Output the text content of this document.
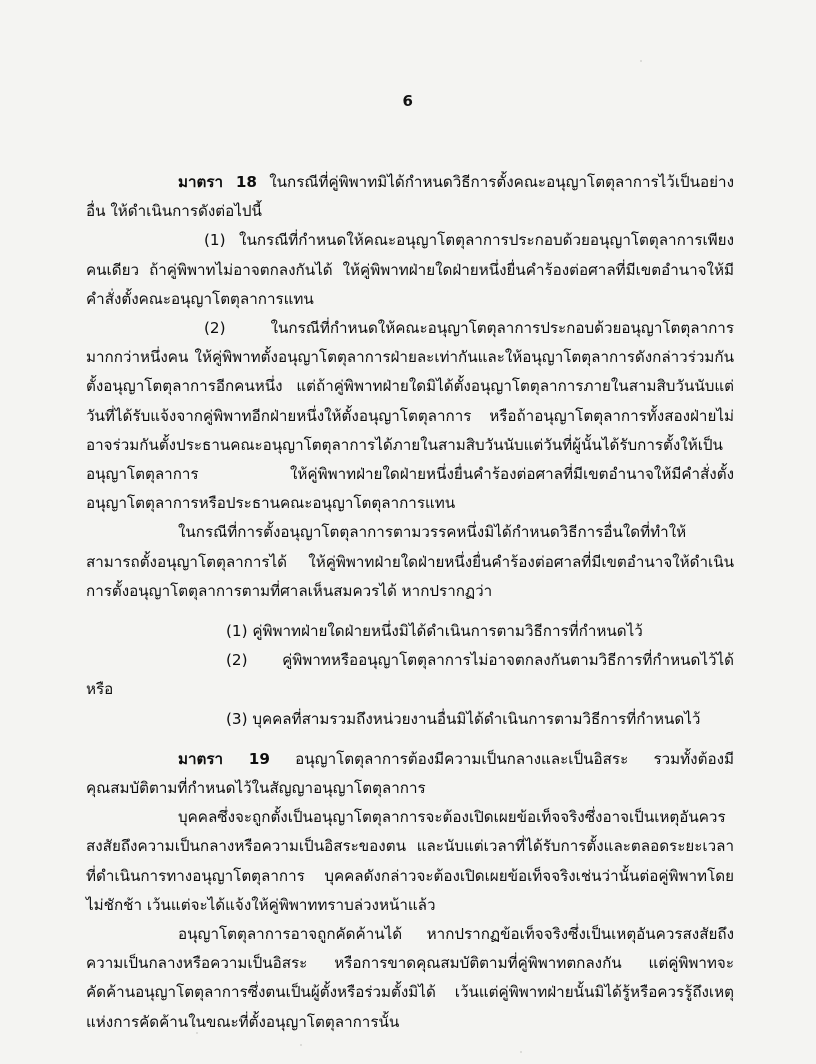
6

มาตรา 18 ในกรณีที่คู่พิพาทมิได้กำหนดวิธีการตั้งคณะอนุญาโตตุลาการไว้เป็นอย่างอื่น ให้ดำเนินการดังต่อไปนี้

(1) ในกรณีที่กำหนดให้คณะอนุญาโตตุลาการประกอบด้วยอนุญาโตตุลาการเพียงคนเดียว ถ้าคู่พิพาทไม่อาจตกลงกันได้ ให้คู่พิพาทฝ่ายใดฝ่ายหนึ่งยื่นคำร้องต่อศาลที่มีเขตอำนาจให้มีคำสั่งตั้งคณะอนุญาโตตุลาการแทน

(2) ในกรณีที่กำหนดให้คณะอนุญาโตตุลาการประกอบด้วยอนุญาโตตุลาการมากกว่าหนึ่งคน ให้คู่พิพาทตั้งอนุญาโตตุลาการฝ่ายละเท่ากันและให้อนุญาโตตุลาการดังกล่าวร่วมกันตั้งอนุญาโตตุลาการอีกคนหนึ่ง แต่ถ้าคู่พิพาทฝ่ายใดมิได้ตั้งอนุญาโตตุลาการภายในสามสิบวันนับแต่วันที่ได้รับแจ้งจากคู่พิพาทอีกฝ่ายหนึ่งให้ตั้งอนุญาโตตุลาการ หรือถ้าอนุญาโตตุลาการทั้งสองฝ่ายไม่อาจร่วมกันตั้งประธานคณะอนุญาโตตุลาการได้ภายในสามสิบวันนับแต่วันที่ผู้นั้นได้รับการตั้งให้เป็นอนุญาโตตุลาการ ให้คู่พิพาทฝ่ายใดฝ่ายหนึ่งยื่นคำร้องต่อศาลที่มีเขตอำนาจให้มีคำสั่งตั้งอนุญาโตตุลาการหรือประธานคณะอนุญาโตตุลาการแทน

ในกรณีที่การตั้งอนุญาโตตุลาการตามวรรคหนึ่งมิได้กำหนดวิธีการอื่นใดที่ทำให้สามารถตั้งอนุญาโตตุลาการได้ ให้คู่พิพาทฝ่ายใดฝ่ายหนึ่งยื่นคำร้องต่อศาลที่มีเขตอำนาจให้ดำเนินการตั้งอนุญาโตตุลาการตามที่ศาลเห็นสมควรได้ หากปรากฏว่า

(1) คู่พิพาทฝ่ายใดฝ่ายหนึ่งมิได้ดำเนินการตามวิธีการที่กำหนดไว้

(2) คู่พิพาทหรืออนุญาโตตุลาการไม่อาจตกลงกันตามวิธีการที่กำหนดไว้ได้ หรือ

(3) บุคคลที่สามรวมถึงหน่วยงานอื่นมิได้ดำเนินการตามวิธีการที่กำหนดไว้

มาตรา 19 อนุญาโตตุลาการต้องมีความเป็นกลางและเป็นอิสระ รวมทั้งต้องมีคุณสมบัติตามที่กำหนดไว้ในสัญญาอนุญาโตตุลาการ

บุคคลซึ่งจะถูกตั้งเป็นอนุญาโตตุลาการจะต้องเปิดเผยข้อเท็จจริงซึ่งอาจเป็นเหตุอันควรสงสัยถึงความเป็นกลางหรือความเป็นอิสระของตน และนับแต่เวลาที่ได้รับการตั้งและตลอดระยะเวลาที่ดำเนินการทางอนุญาโตตุลาการ บุคคลดังกล่าวจะต้องเปิดเผยข้อเท็จจริงเช่นว่านั้นต่อคู่พิพาทโดยไม่ชักช้า เว้นแต่จะได้แจ้งให้คู่พิพาททราบล่วงหน้าแล้ว

อนุญาโตตุลาการอาจถูกคัดค้านได้ หากปรากฏข้อเท็จจริงซึ่งเป็นเหตุอันควรสงสัยถึงความเป็นกลางหรือความเป็นอิสระ หรือการขาดคุณสมบัติตามที่คู่พิพาทตกลงกัน แต่คู่พิพาทจะคัดค้านอนุญาโตตุลาการซึ่งตนเป็นผู้ตั้งหรือร่วมตั้งมิได้ เว้นแต่คู่พิพาทฝ่ายนั้นมิได้รู้หรือควรรู้ถึงเหตุแห่งการคัดค้านในขณะที่ตั้งอนุญาโตตุลาการนั้น
